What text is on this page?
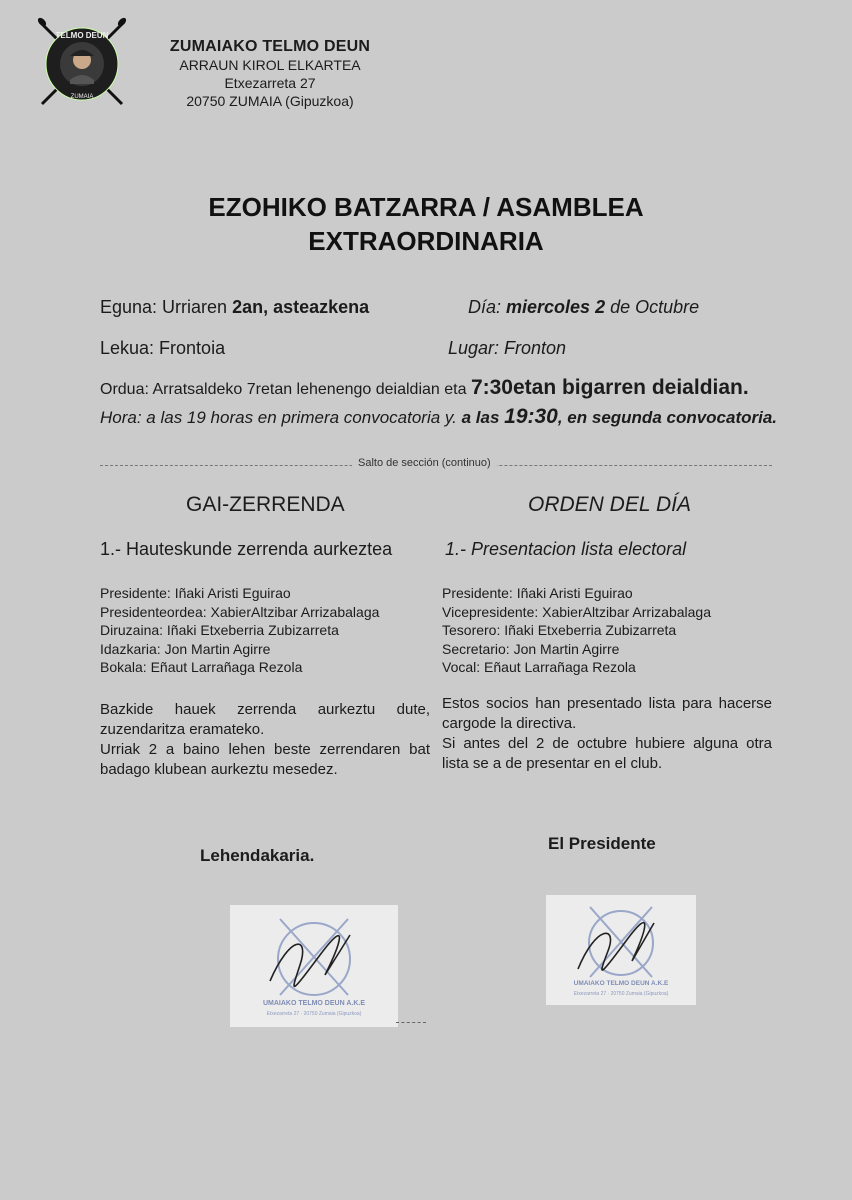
TELMO DEUN
ZUMAIA
ZUMAIAKO TELMO DEUN
ARRAUN KIROL ELKARTEA
Etxezarreta 27
20750 ZUMAIA (Gipuzkoa)
EZOHIKO BATZARRA / ASAMBLEA
EXTRAORDINARIA
Eguna: Urriaren 2an, asteazkena	Día: miercoles 2 de Octubre
Lekua: Frontoia	Lugar: Fronton
Ordua: Arratsaldeko 7retan lehenengo deialdian eta 7:30etan bigarren deialdian.
Hora: a las 19 horas en primera convocatoria y. a las 19:30, en segunda convocatoria.
Salto de sección (continuo)
GAI-ZERRENDA
1.- Hauteskunde zerrenda aurkeztea
Presidente: Iñaki Aristi Eguirao
Presidenteordea: XabierAltzibar Arrizabalaga
Diruzaina: Iñaki Etxeberria Zubizarreta
Idazkaria: Jon Martin Agirre
Bokala: Eñaut Larrañaga Rezola
Bazkide hauek zerrenda aurkeztu dute, zuzendaritza eramateko.
Urriak 2 a baino lehen beste zerrendaren bat badago klubean aurkeztu mesedez.
Lehendakaria.
ORDEN DEL DÍA
1.- Presentacion lista electoral
Presidente: Iñaki Aristi Eguirao
Vicepresidente: XabierAltzibar Arrizabalaga
Tesorero: Iñaki Etxeberria Zubizarreta
Secretario: Jon Martin Agirre
Vocal: Eñaut Larrañaga Rezola
Estos socios han presentado lista para hacerse cargode la directiva.
Si antes del 2 de octubre hubiere alguna otra lista se a de presentar en el club.
El Presidente
UMAIAKO TELMO DEUN A.K.E
Etxezarreta 27 · 20750 Zumaia (Gipuzkoa)
UMAIAKO TELMO DEUN A.K.E
Etxezarreta 27 · 20750 Zumaia (Gipuzkoa)
